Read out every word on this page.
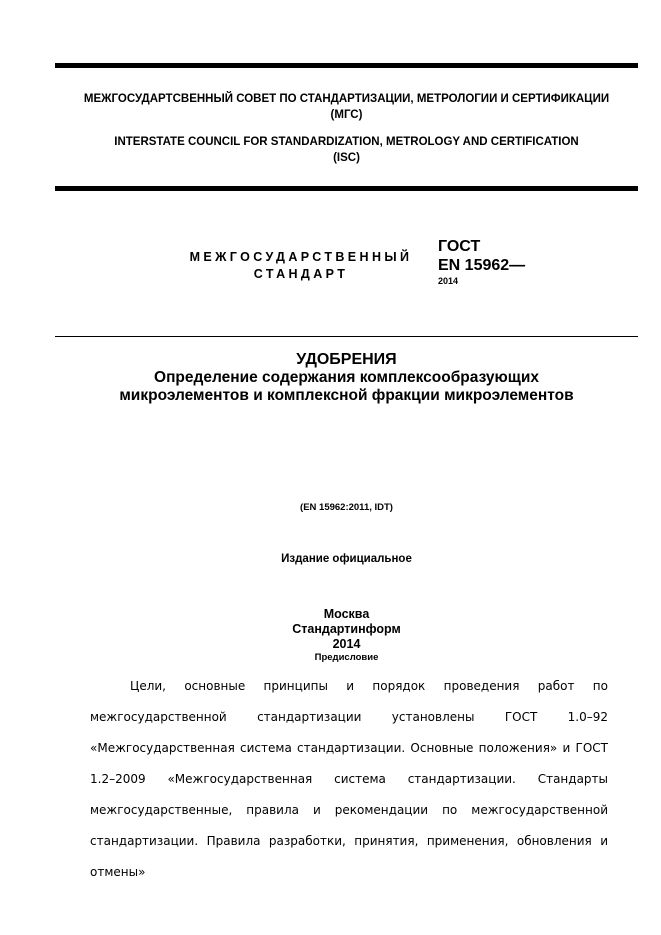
МЕЖГОСУДАРТСВЕННЫЙ СОВЕТ ПО СТАНДАРТИЗАЦИИ, МЕТРОЛОГИИ И СЕРТИФИКАЦИИ
(МГС)
INTERSTATE COUNCIL FOR STANDARDIZATION, METROLOGY AND CERTIFICATION
(ISC)
МЕЖГОСУДАРСТВЕННЫЙ
СТАНДАРТ
ГОСТ
EN 15962—
2014
УДОБРЕНИЯ
Определение содержания комплексообразующих
микроэлементов и комплексной фракции микроэлементов
(EN 15962:2011, IDT)
Издание официальное
Москва
Стандартинформ
2014
Предисловие
Цели, основные принципы и порядок проведения работ по межгосударственной стандартизации установлены ГОСТ 1.0–92 «Межгосударственная система стандартизации. Основные положения» и ГОСТ 1.2–2009 «Межгосударственная система стандартизации. Стандарты межгосударственные, правила и рекомендации по межгосударственной стандартизации. Правила разработки, принятия, применения, обновления и отмены»
